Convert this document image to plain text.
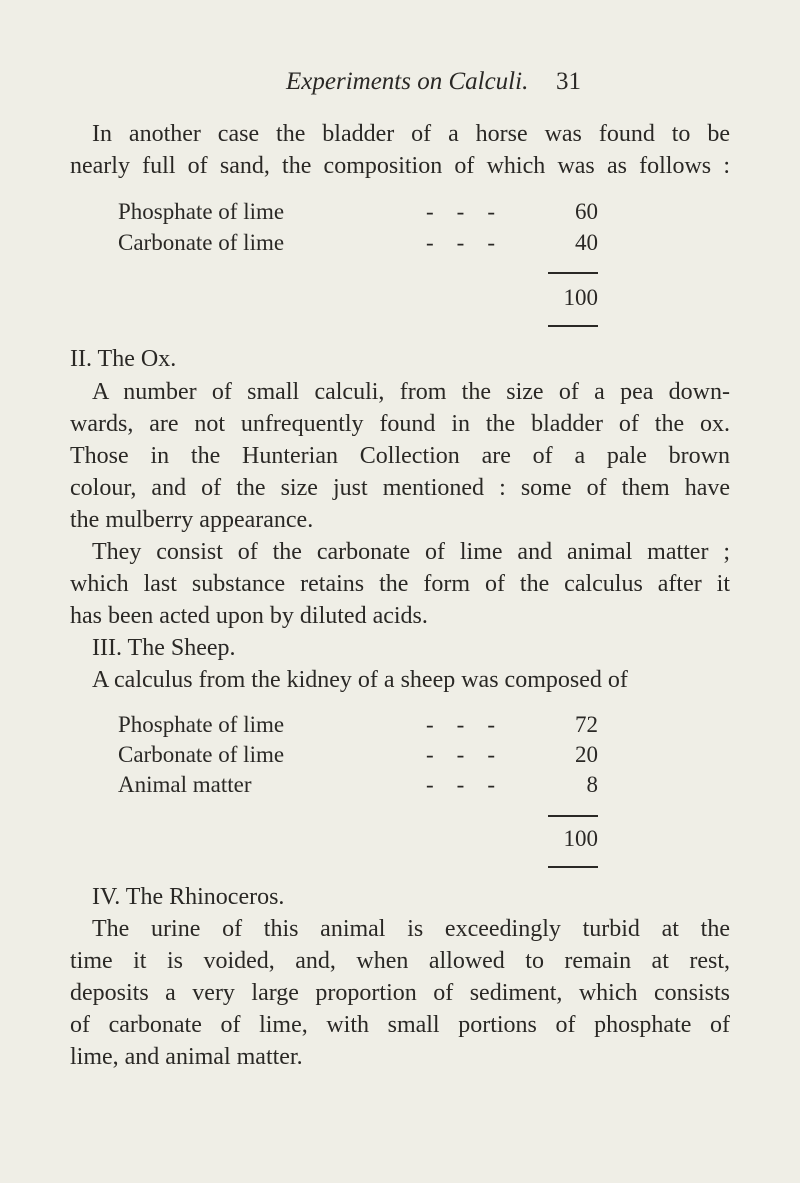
Experiments on Calculi. 31

In another case the bladder of a horse was found to be

nearly full of sand, the composition of which was as follows :

Phosphate of lime	-    -    -	60
Carbonate of lime	-    -    -	40
100

II. The Ox.

A number of small calculi, from the size of a pea down-

wards, are not unfrequently found in the bladder of the ox.

Those in the Hunterian Collection are of a pale brown

colour, and of the size just mentioned : some of them have

the mulberry appearance.

They consist of the carbonate of lime and animal matter ;

which last substance retains the form of the calculus after it

has been acted upon by diluted acids.

III. The Sheep.

A calculus from the kidney of a sheep was composed of

Phosphate of lime	-    -    -	72
Carbonate of lime	-    -    -	20
Animal matter	-    -    -	8
100

IV. The Rhinoceros.

The urine of this animal is exceedingly turbid at the

time it is voided, and, when allowed to remain at rest,

deposits a very large proportion of sediment, which consists

of carbonate of lime, with small portions of phosphate of

lime, and animal matter.
